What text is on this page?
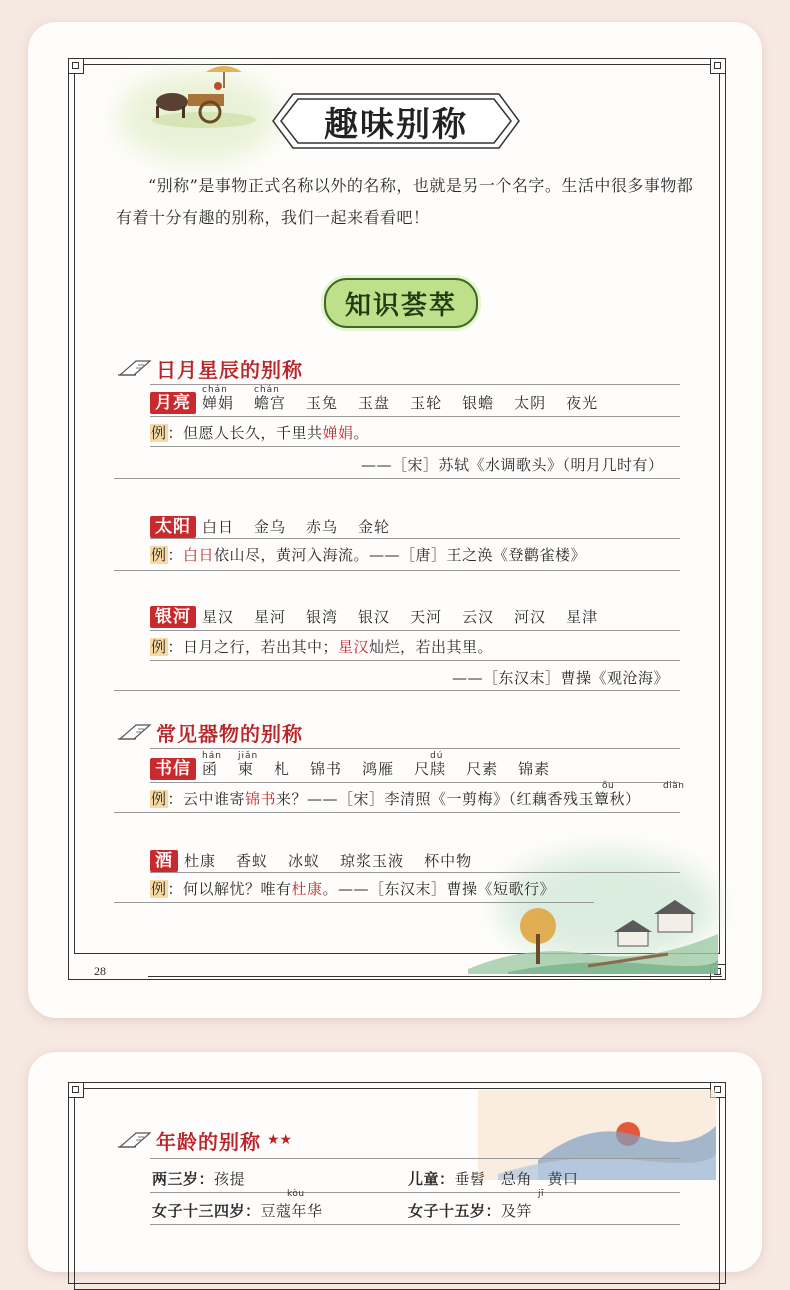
趣味别称
“别称”是事物正式名称以外的名称，也就是另一个名字。生活中很多事物都有着十分有趣的别称，我们一起来看看吧！
知识荟萃
日月星辰的别称
月亮
chán
婵娟
chán
蟾宫 玉兔 玉盘 玉轮 银蟾 太阴 夜光
例：但愿人长久，千里共婵娟。
——［宋］苏轼《水调歌头》（明月几时有）
太阳 白日 金乌 赤乌 金轮
例：白日依山尽，黄河入海流。——［唐］王之涣《登鹳雀楼》
银河 星汉 星河 银湾 银汉 天河 云汉 河汉 星津
例：日月之行，若出其中；星汉灿烂，若出其里。
——［东汉末］曹操《观沧海》
常见器物的别称
书信
hán
函
jiǎn
柬 札 锦书 鸿雁
dú
尺牍 尺素 锦素
例：云中谁寄锦书来？——［宋］李清照《一剪梅》（红藕香残玉簟秋）
ǒu	diàn
酒 杜康 香蚁 冰蚁 琼浆玉液 杯中物
例：何以解忧？唯有杜康。——［东汉末］曹操《短歌行》
28
年龄的别称 ★★
两三岁：孩提	儿童：垂髫　总角　黄口
kòu
女子十三四岁：豆蔻年华
jī
女子十五岁：及笄
